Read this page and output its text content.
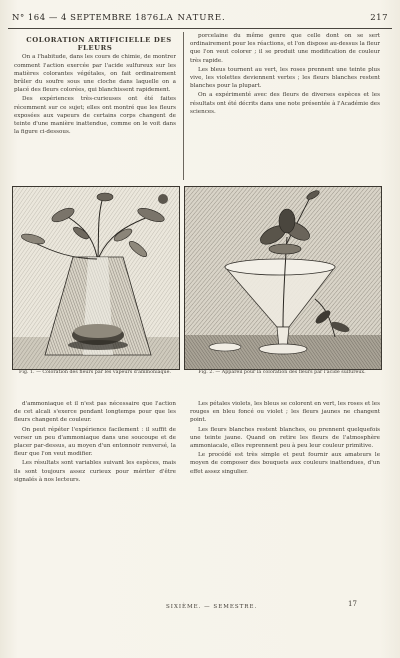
N° 164 — 4 SEPTEMBRE 1876.
LA NATURE.	217

COLORATION ARTIFICIELLE DES FLEURS

On a l'habitude, dans les cours de chimie, de montrer comment l'action exercée par l'acide sulfureux sur les matières colorantes végétales, on fait ordinairement brûler du soufre sous une cloche dans laquelle on a placé des fleurs colorées, qui blanchissent rapidement.

Des expériences très-curieuses ont été faites récemment sur ce sujet; elles ont montré que les fleurs exposées aux vapeurs de certains corps changent de teinte d'une manière inattendue, comme on le voit dans la figure ci-dessous.

porcelaine du même genre que celle dont on se sert ordinairement pour les réactions, et l'on dispose au-dessus la fleur que l'on veut colorer ; il se produit une modification de couleur très rapide.

Les bleus tournent au vert, les roses prennent une teinte plus vive, les violettes deviennent vertes ; les fleurs blanches restent blanches pour la plupart.

On a expérimenté avec des fleurs de diverses espèces et les résultats ont été décrits dans une note présentée à l'Académie des sciences.

Fig. 1. — Coloration des fleurs par les vapeurs d'ammoniaque.	Fig. 2. — Appareil pour la coloration des fleurs par l'acide sulfureux.

d'ammoniaque et il n'est pas nécessaire que l'action de cet alcali s'exerce pendant longtemps pour que les fleurs changent de couleur.

On peut répéter l'expérience facilement : il suffit de verser un peu d'ammoniaque dans une soucoupe et de placer par-dessus, au moyen d'un entonnoir renversé, la fleur que l'on veut modifier.

Les résultats sont variables suivant les espèces, mais ils sont toujours assez curieux pour mériter d'être signalés à nos lecteurs.

Les pétales violets, les bleus se colorent en vert, les roses et les rouges en bleu foncé ou violet ; les fleurs jaunes ne changent point.

Les fleurs blanches restent blanches, ou prennent quelquefois une teinte jaune. Quand on retire les fleurs de l'atmosphère ammoniacale, elles reprennent peu à peu leur couleur primitive.

Le procédé est très simple et peut fournir aux amateurs le moyen de composer des bouquets aux couleurs inattendues, d'un effet assez singulier.

SIXIÈME. — SEMESTRE.	17
